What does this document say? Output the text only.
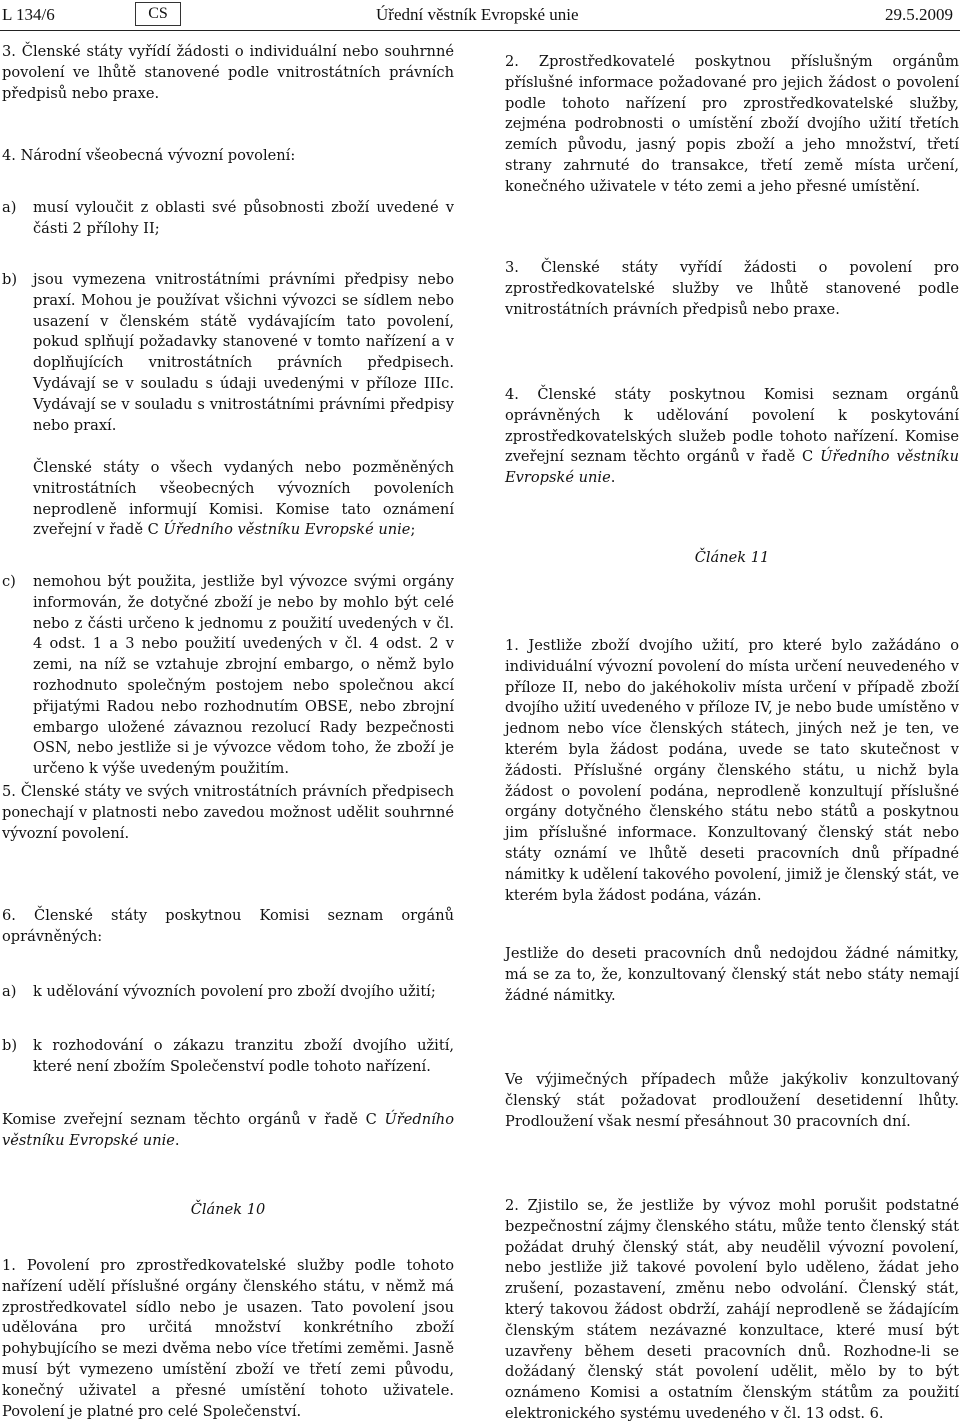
L 134/6	CS	Úřední věstník Evropské unie	29.5.2009

3. Členské státy vyřídí žádosti o individuální nebo souhrnné povolení ve lhůtě stanovené podle vnitrostátních právních předpisů nebo praxe.

4. Národní všeobecná vývozní povolení:

a) musí vyloučit z oblasti své působnosti zboží uvedené v části 2 přílohy II;

b) jsou vymezena vnitrostátními právními předpisy nebo praxí. Mohou je používat všichni vývozci se sídlem nebo usazení v členském státě vydávajícím tato povolení, pokud splňují požadavky stanovené v tomto nařízení a v doplňujících vnitrostátních právních předpisech. Vydávají se v souladu s údaji uvedenými v příloze IIIc. Vydávají se v souladu s vnitrostátními právními předpisy nebo praxí.

Členské státy o všech vydaných nebo pozměněných vnitrostátních všeobecných vývozních povoleních neprodleně informují Komisi. Komise tato oznámení zveřejní v řadě C Úředního věstníku Evropské unie;

c) nemohou být použita, jestliže byl vývozce svými orgány informován, že dotyčné zboží je nebo by mohlo být celé nebo z části určeno k jednomu z použití uvedených v čl. 4 odst. 1 a 3 nebo použití uvedených v čl. 4 odst. 2 v zemi, na níž se vztahuje zbrojní embargo, o němž bylo rozhodnuto společným postojem nebo společnou akcí přijatými Radou nebo rozhodnutím OBSE, nebo zbrojní embargo uložené závaznou rezolucí Rady bezpečnosti OSN, nebo jestliže si je vývozce vědom toho, že zboží je určeno k výše uvedeným použitím.

5. Členské státy ve svých vnitrostátních právních předpisech ponechají v platnosti nebo zavedou možnost udělit souhrnné vývozní povolení.

6. Členské státy poskytnou Komisi seznam orgánů oprávněných:

a) k udělování vývozních povolení pro zboží dvojího užití;

b) k rozhodování o zákazu tranzitu zboží dvojího užití, které není zbožím Společenství podle tohoto nařízení.

Komise zveřejní seznam těchto orgánů v řadě C Úředního věstníku Evropské unie.

Článek 10

1. Povolení pro zprostředkovatelské služby podle tohoto nařízení udělí příslušné orgány členského státu, v němž má zprostředkovatel sídlo nebo je usazen. Tato povolení jsou udělována pro určitá množství konkrétního zboží pohybujícího se mezi dvěma nebo více třetími zeměmi. Jasně musí být vymezeno umístění zboží ve třetí zemi původu, konečný uživatel a přesné umístění tohoto uživatele. Povolení je platné pro celé Společenství.

2. Zprostředkovatelé poskytnou příslušným orgánům příslušné informace požadované pro jejich žádost o povolení podle tohoto nařízení pro zprostředkovatelské služby, zejména podrobnosti o umístění zboží dvojího užití třetích zemích původu, jasný popis zboží a jeho množství, třetí strany zahrnuté do transakce, třetí země místa určení, konečného uživatele v této zemi a jeho přesné umístění.

3. Členské státy vyřídí žádosti o povolení pro zprostředkovatelské služby ve lhůtě stanovené podle vnitrostátních právních předpisů nebo praxe.

4. Členské státy poskytnou Komisi seznam orgánů oprávněných k udělování povolení k poskytování zprostředkovatelských služeb podle tohoto nařízení. Komise zveřejní seznam těchto orgánů v řadě C Úředního věstníku Evropské unie.

Článek 11

1. Jestliže zboží dvojího užití, pro které bylo zažádáno o individuální vývozní povolení do místa určení neuvedeného v příloze II, nebo do jakéhokoliv místa určení v případě zboží dvojího užití uvedeného v příloze IV, je nebo bude umístěno v jednom nebo více členských státech, jiných než je ten, ve kterém byla žádost podána, uvede se tato skutečnost v žádosti. Příslušné orgány členského státu, u nichž byla žádost o povolení podána, neprodleně konzultují příslušné orgány dotyčného členského státu nebo států a poskytnou jim příslušné informace. Konzultovaný členský stát nebo státy oznámí ve lhůtě deseti pracovních dnů případné námitky k udělení takového povolení, jimiž je členský stát, ve kterém byla žádost podána, vázán.

Jestliže do deseti pracovních dnů nedojdou žádné námitky, má se za to, že, konzultovaný členský stát nebo státy nemají žádné námitky.

Ve výjimečných případech může jakýkoliv konzultovaný členský stát požadovat prodloužení desetidenní lhůty. Prodloužení však nesmí přesáhnout 30 pracovních dní.

2. Zjistilo se, že jestliže by vývoz mohl porušit podstatné bezpečnostní zájmy členského státu, může tento členský stát požádat druhý členský stát, aby neudělil vývozní povolení, nebo jestliže již takové povolení bylo uděleno, žádat jeho zrušení, pozastavení, změnu nebo odvolání. Členský stát, který takovou žádost obdrží, zahájí neprodleně se žádajícím členským státem nezávazné konzultace, které musí být uzavřeny během deseti pracovních dnů. Rozhodne-li se dožádaný členský stát povolení udělit, mělo by to být oznámeno Komisi a ostatním členským státům za použití elektronického systému uvedeného v čl. 13 odst. 6.
